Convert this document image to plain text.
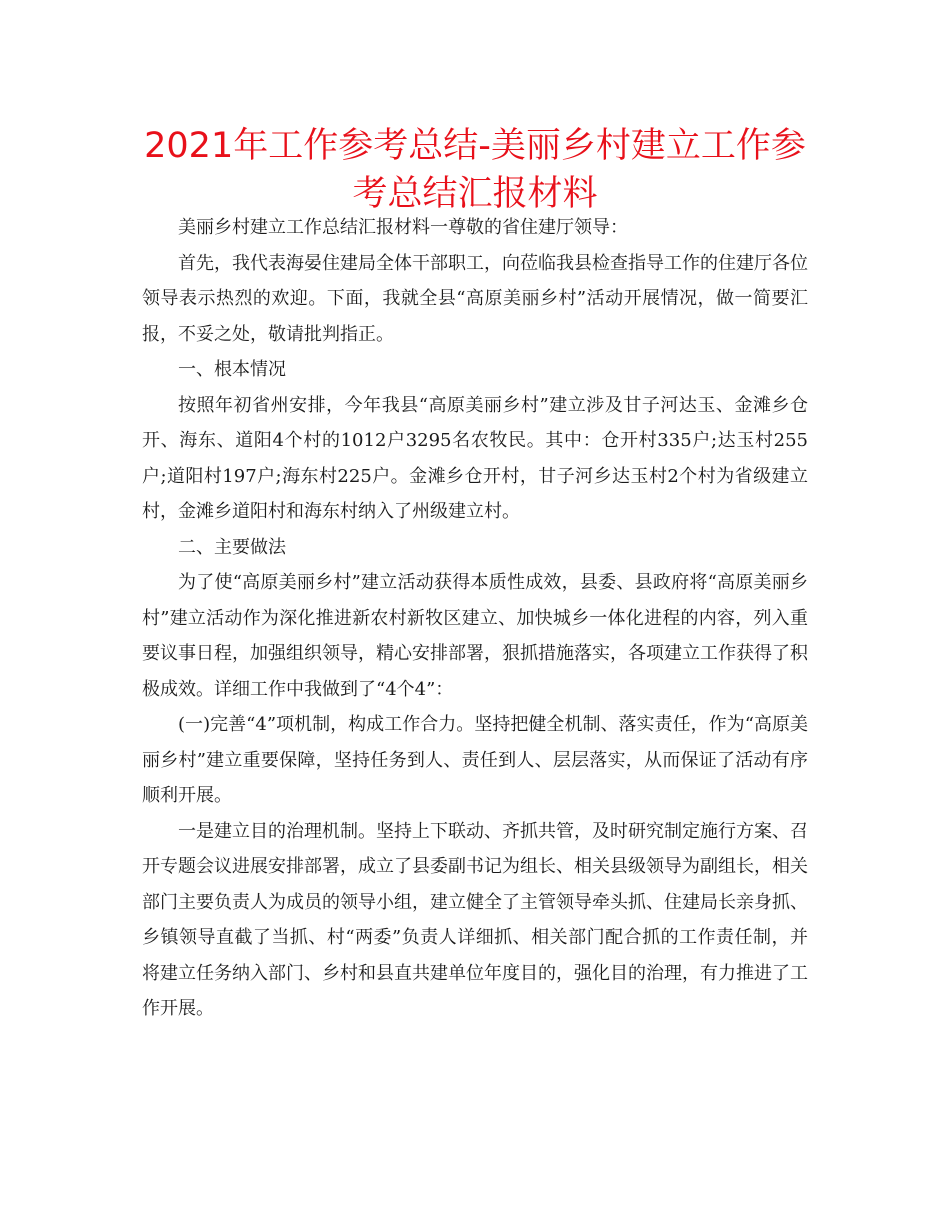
2021年工作参考总结-美丽乡村建立工作参考总结汇报材料

美丽乡村建立工作总结汇报材料一尊敬的省住建厅领导：

首先，我代表海晏住建局全体干部职工，向莅临我县检查指导工作的住建厅各位领导表示热烈的欢迎。下面，我就全县“高原美丽乡村”活动开展情况，做一简要汇报，不妥之处，敬请批判指正。

一、根本情况

按照年初省州安排，今年我县“高原美丽乡村”建立涉及甘子河达玉、金滩乡仓开、海东、道阳4个村的1012户3295名农牧民。其中：仓开村335户;达玉村255户;道阳村197户;海东村225户。金滩乡仓开村，甘子河乡达玉村2个村为省级建立村，金滩乡道阳村和海东村纳入了州级建立村。

二、主要做法

为了使“高原美丽乡村”建立活动获得本质性成效，县委、县政府将“高原美丽乡村”建立活动作为深化推进新农村新牧区建立、加快城乡一体化进程的内容，列入重要议事日程，加强组织领导，精心安排部署，狠抓措施落实，各项建立工作获得了积极成效。详细工作中我做到了“4个4”：

(一)完善“4”项机制，构成工作合力。坚持把健全机制、落实责任，作为“高原美丽乡村”建立重要保障，坚持任务到人、责任到人、层层落实，从而保证了活动有序顺利开展。

一是建立目的治理机制。坚持上下联动、齐抓共管，及时研究制定施行方案、召开专题会议进展安排部署，成立了县委副书记为组长、相关县级领导为副组长，相关部门主要负责人为成员的领导小组，建立健全了主管领导牵头抓、住建局长亲身抓、乡镇领导直截了当抓、村“两委”负责人详细抓、相关部门配合抓的工作责任制，并将建立任务纳入部门、乡村和县直共建单位年度目的，强化目的治理，有力推进了工作开展。
